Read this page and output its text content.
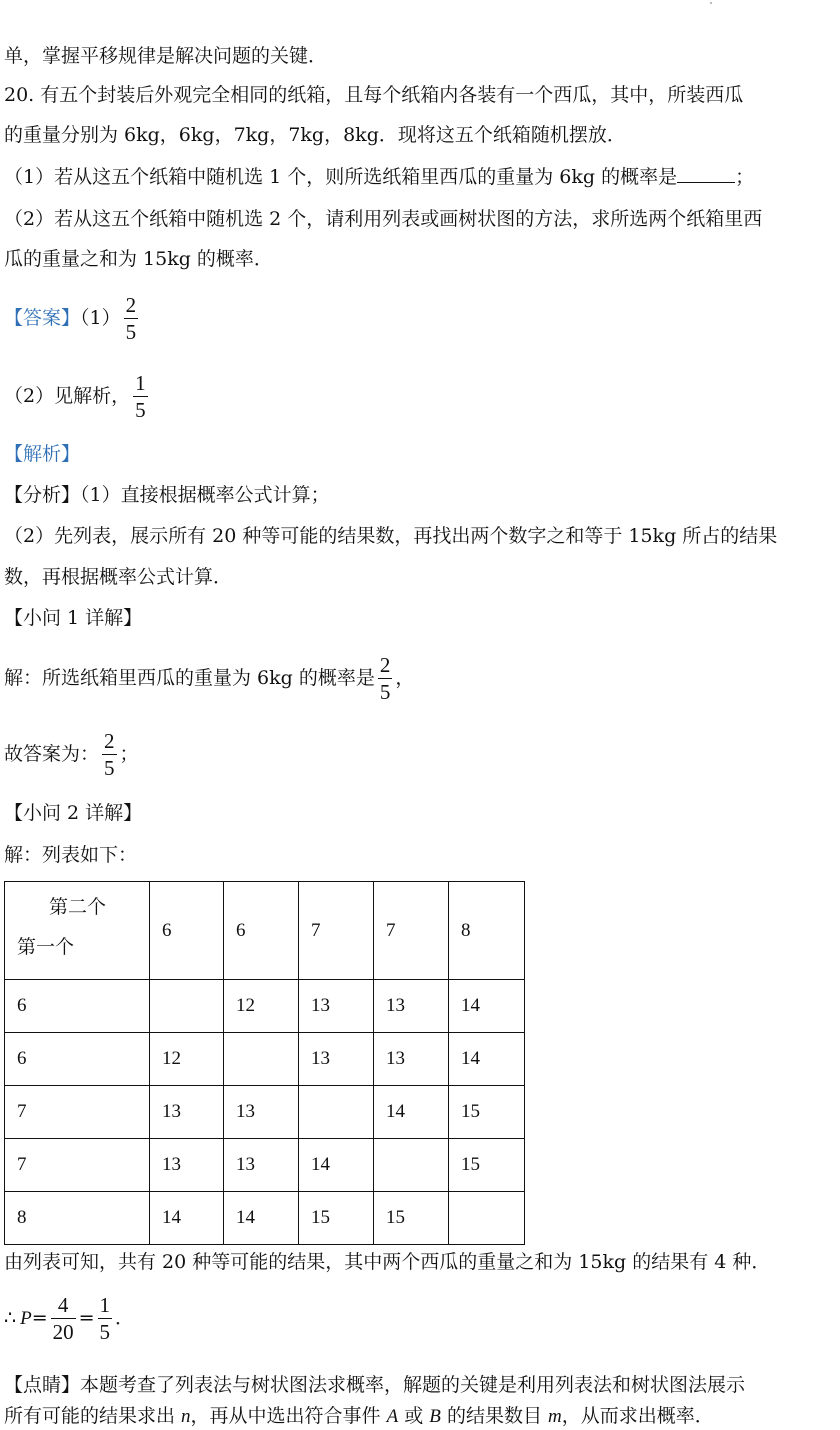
单，掌握平移规律是解决问题的关键．
20. 有五个封装后外观完全相同的纸箱，且每个纸箱内各装有一个西瓜，其中，所装西瓜
的重量分别为 6kg，6kg，7kg，7kg，8kg．现将这五个纸箱随机摆放．
（1）若从这五个纸箱中随机选 1 个，则所选纸箱里西瓜的重量为 6kg 的概率是	；
（2）若从这五个纸箱中随机选 2 个，请利用列表或画树状图的方法，求所选两个纸箱里西
瓜的重量之和为 15kg 的概率．
【答案】$(1) \frac{2}{5}$
（2）见解析， $\frac{1}{5}$
【解析】
【分析】（1）直接根据概率公式计算；
（2）先列表，展示所有 20 种等可能的结果数，再找出两个数字之和等于 15kg 所占的结果
数，再根据概率公式计算．
【小问 1 详解】
解：所选纸箱里西瓜的重量为 6kg 的概率是 $\frac{2}{5}$ ，
故答案为： $\frac{2}{5}$ ；
【小问 2 详解】
解：列表如下：
第二个
第一个	6	6	7	7	8
6		12	13	13	14
6	12		13	13	14
7	13	13		14	15
7	13	13	14		15
8	14	14	15	15	
由列表可知，共有 20 种等可能的结果，其中两个西瓜的重量之和为 15kg 的结果有 4 种．
∴ $P= \frac{4}{20} = \frac{1}{5}$ ．
【点睛】本题考查了列表法与树状图法求概率，解题的关键是利用列表法和树状图法展示
所有可能的结果求出 n，再从中选出符合事件 A 或 B 的结果数目 m，从而求出概率．
